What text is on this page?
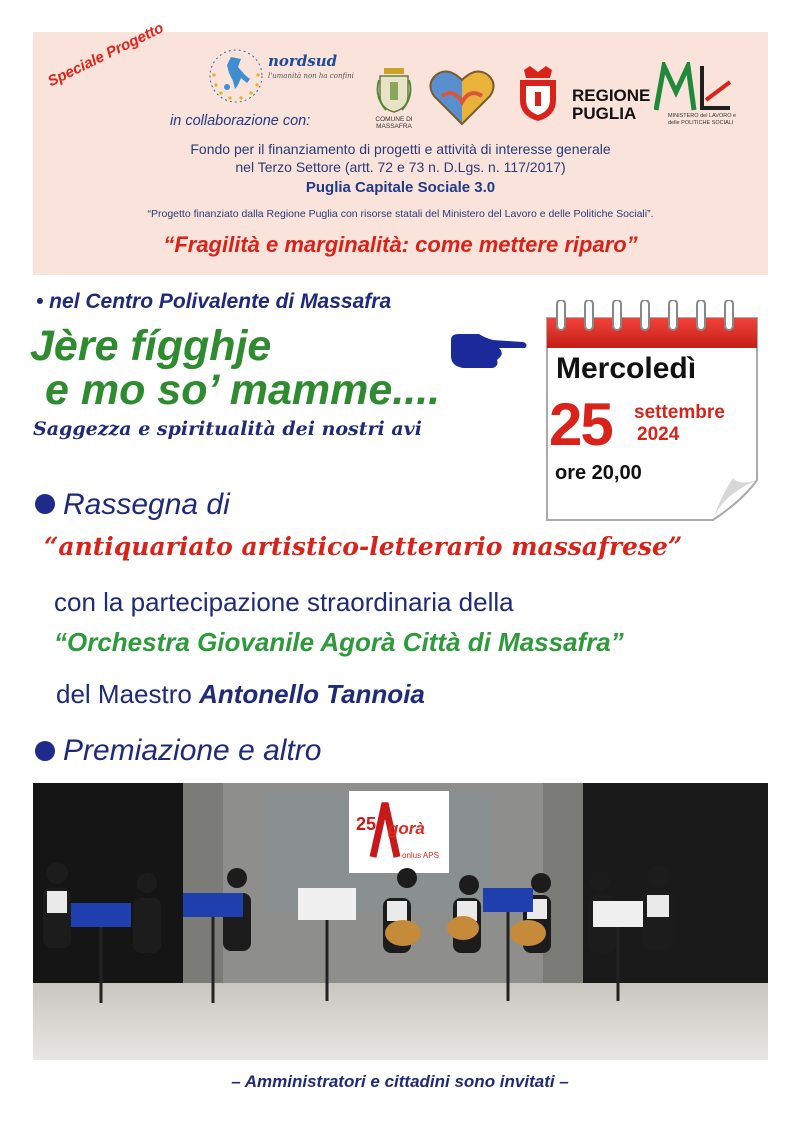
Speciale Progetto	nordsud
l'umanità non ha confini
in collaborazione con:	COMUNE DI MASSAFRA
REGIONE PUGLIA	MINISTERO del LAVORO e delle POLITICHE SOCIALI
Fondo per il finanziamento di progetti e attività di interesse generale
nel Terzo Settore (artt. 72 e 73 n. D.Lgs. n. 117/2017)
Puglia Capitale Sociale 3.0
“Progetto finanziato dalla Regione Puglia con risorse statali del Ministero del Lavoro e delle Politiche Sociali”.
“Fragilità e marginalità: come mettere riparo”
• nel Centro Polivalente di Massafra
Jère fígghje
e mo so’ mamme....
Saggezza e spiritualità dei nostri avi
Mercoledì
25 settembre
2024
ore 20,00
Rassegna di
“antiquariato artistico-letterario massafrese”
con la partecipazione straordinaria della
“Orchestra Giovanile Agorà Città di Massafra”
del Maestro Antonello Tannoia
Premiazione e altro
25 gorà
onlus APS
– Amministratori e cittadini sono invitati –
